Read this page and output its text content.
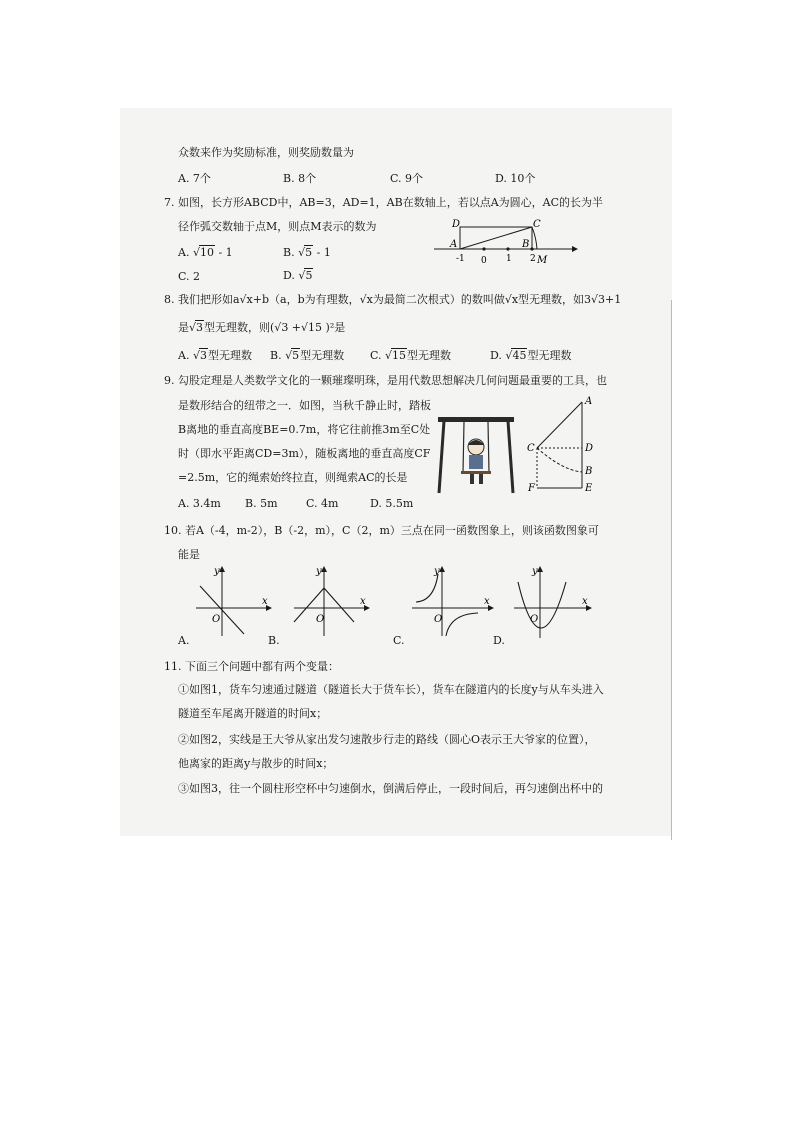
众数来作为奖励标准，则奖励数量为
A. 7个	B. 8个	C. 9个	D. 10个
7. 如图，长方形ABCD中，AB=3，AD=1，AB在数轴上，若以点A为圆心，AC的长为半
径作弧交数轴于点M，则点M表示的数为
A. √10 - 1	B. √5 - 1
C. 2	D. √5
D	C
A	B
-1 0 1 2 M
8. 我们把形如a√x+b（a，b为有理数，√x为最简二次根式）的数叫做√x型无理数，如3√3+1
是√3型无理数，则(√3 +√15 )²是
A. √3型无理数 B. √5型无理数 C. √15型无理数	D. √45型无理数
9. 勾股定理是人类数学文化的一颗璀璨明珠，是用代数思想解决几何问题最重要的工具，也
是数形结合的纽带之一．如图，当秋千静止时，踏板
B离地的垂直高度BE=0.7m，将它往前推3m至C处
时（即水平距离CD=3m），随板离地的垂直高度CF
=2.5m，它的绳索始终拉直，则绳索AC的长是
A. 3.4m B. 5m	C. 4m	D. 5.5m
A
C	D
B
F	E
10. 若A（-4，m-2），B（-2，m），C（2，m）三点在同一函数图象上，则该函数图象可
能是
y
x
O
A.
y
x
O
B.
y
x
O
C.
y
x
O
D.
11. 下面三个问题中都有两个变量：
①如图1，货车匀速通过隧道（隧道长大于货车长），货车在隧道内的长度y与从车头进入
隧道至车尾离开隧道的时间x；
②如图2，实线是王大爷从家出发匀速散步行走的路线（圆心O表示王大爷家的位置），
他离家的距离y与散步的时间x；
③如图3，往一个圆柱形空杯中匀速倒水，倒满后停止，一段时间后，再匀速倒出杯中的
